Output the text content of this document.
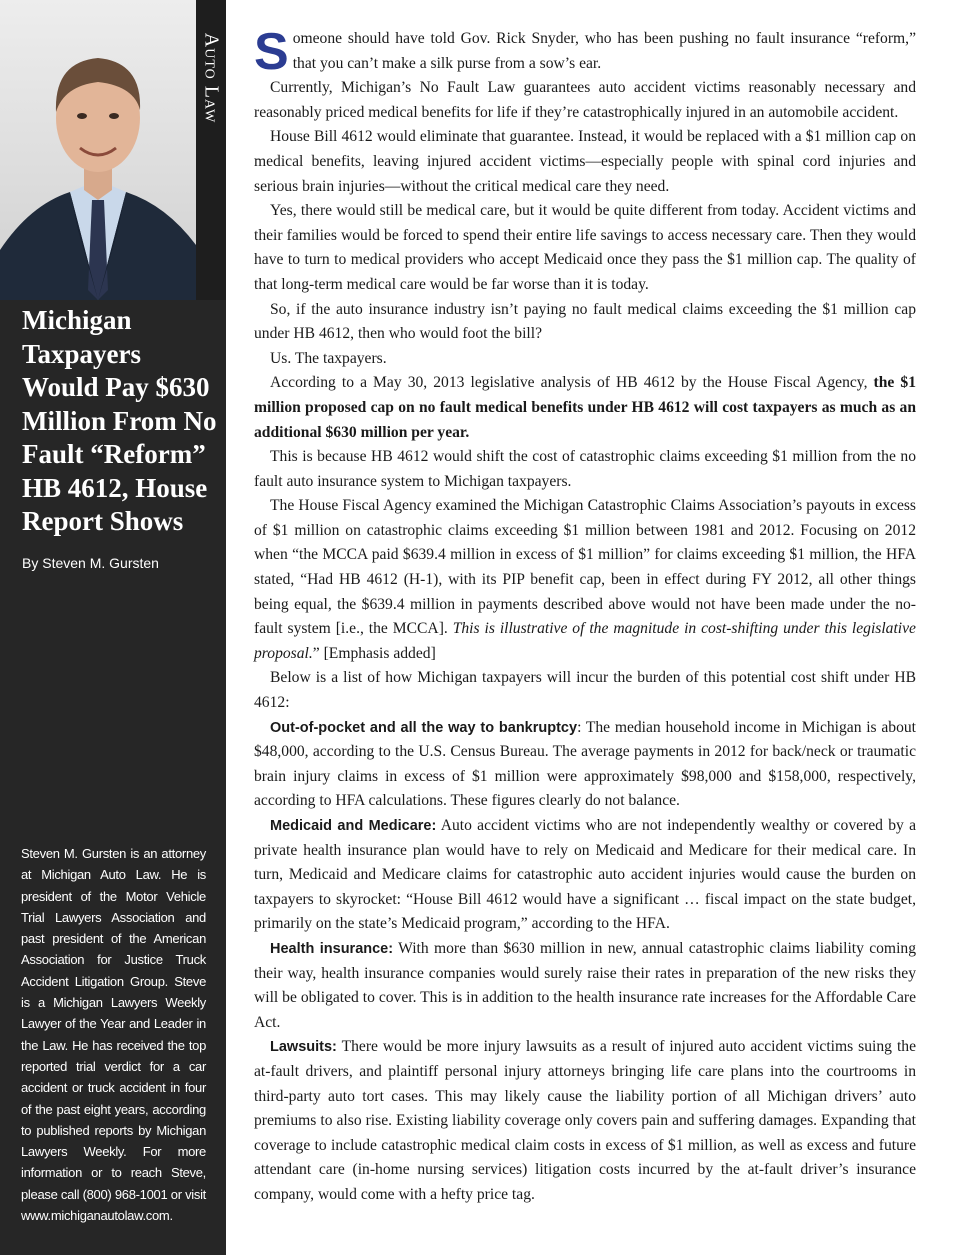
Auto Law
Michigan Taxpayers Would Pay $630 Million From No Fault “Reform” HB 4612, House Report Shows
By Steven M. Gursten
Steven M. Gursten is an attorney at Michigan Auto Law. He is president of the Motor Vehicle Trial Lawyers Association and past president of the American Association for Justice Truck Accident Litigation Group. Steve is a Michigan Lawyers Weekly Lawyer of the Year and Leader in the Law. He has received the top reported trial verdict for a car accident or truck accident in four of the past eight years, according to published reports by Michigan Lawyers Weekly. For more information or to reach Steve, please call (800) 968-1001 or visit www.michiganautolaw.com.

Someone should have told Gov. Rick Snyder, who has been pushing no fault insurance “reform,” that you can’t make a silk purse from a sow’s ear.

Currently, Michigan’s No Fault Law guarantees auto accident victims reasonably necessary and reasonably priced medical benefits for life if they’re catastrophically injured in an automobile accident.

House Bill 4612 would eliminate that guarantee. Instead, it would be replaced with a $1 million cap on medical benefits, leaving injured accident victims—especially people with spinal cord injuries and serious brain injuries—without the critical medical care they need.

Yes, there would still be medical care, but it would be quite different from today. Accident victims and their families would be forced to spend their entire life savings to access necessary care. Then they would have to turn to medical providers who accept Medicaid once they pass the $1 million cap. The quality of that long-term medical care would be far worse than it is today.

So, if the auto insurance industry isn’t paying no fault medical claims exceeding the $1 million cap under HB 4612, then who would foot the bill?

Us. The taxpayers.

According to a May 30, 2013 legislative analysis of HB 4612 by the House Fiscal Agency, the $1 million proposed cap on no fault medical benefits under HB 4612 will cost taxpayers as much as an additional $630 million per year.

This is because HB 4612 would shift the cost of catastrophic claims exceeding $1 million from the no fault auto insurance system to Michigan taxpayers.

The House Fiscal Agency examined the Michigan Catastrophic Claims Association’s payouts in excess of $1 million on catastrophic claims exceeding $1 million between 1981 and 2012. Focusing on 2012 when “the MCCA paid $639.4 million in excess of $1 million” for claims exceeding $1 million, the HFA stated, “Had HB 4612 (H-1), with its PIP benefit cap, been in effect during FY 2012, all other things being equal, the $639.4 million in payments described above would not have been made under the no-fault system [i.e., the MCCA]. This is illustrative of the magnitude in cost-shifting under this legislative proposal.” [Emphasis added]

Below is a list of how Michigan taxpayers will incur the burden of this potential cost shift under HB 4612:

Out-of-pocket and all the way to bankruptcy: The median household income in Michigan is about $48,000, according to the U.S. Census Bureau. The average payments in 2012 for back/neck or traumatic brain injury claims in excess of $1 million were approximately $98,000 and $158,000, respectively, according to HFA calculations. These figures clearly do not balance.

Medicaid and Medicare: Auto accident victims who are not independently wealthy or covered by a private health insurance plan would have to rely on Medicaid and Medicare for their medical care. In turn, Medicaid and Medicare claims for catastrophic auto accident injuries would cause the burden on taxpayers to skyrocket: “House Bill 4612 would have a significant … fiscal impact on the state budget, primarily on the state’s Medicaid program,” according to the HFA.

Health insurance: With more than $630 million in new, annual catastrophic claims liability coming their way, health insurance companies would surely raise their rates in preparation of the new risks they will be obligated to cover. This is in addition to the health insurance rate increases for the Affordable Care Act.

Lawsuits: There would be more injury lawsuits as a result of injured auto accident victims suing the at-fault drivers, and plaintiff personal injury attorneys bringing life care plans into the courtrooms in third-party auto tort cases. This may likely cause the liability portion of all Michigan drivers’ auto premiums to also rise. Existing liability coverage only covers pain and suffering damages. Expanding that coverage to include catastrophic medical claim costs in excess of $1 million, as well as excess and future attendant care (in-home nursing services) litigation costs incurred by the at-fault driver’s insurance company, would come with a hefty price tag.
